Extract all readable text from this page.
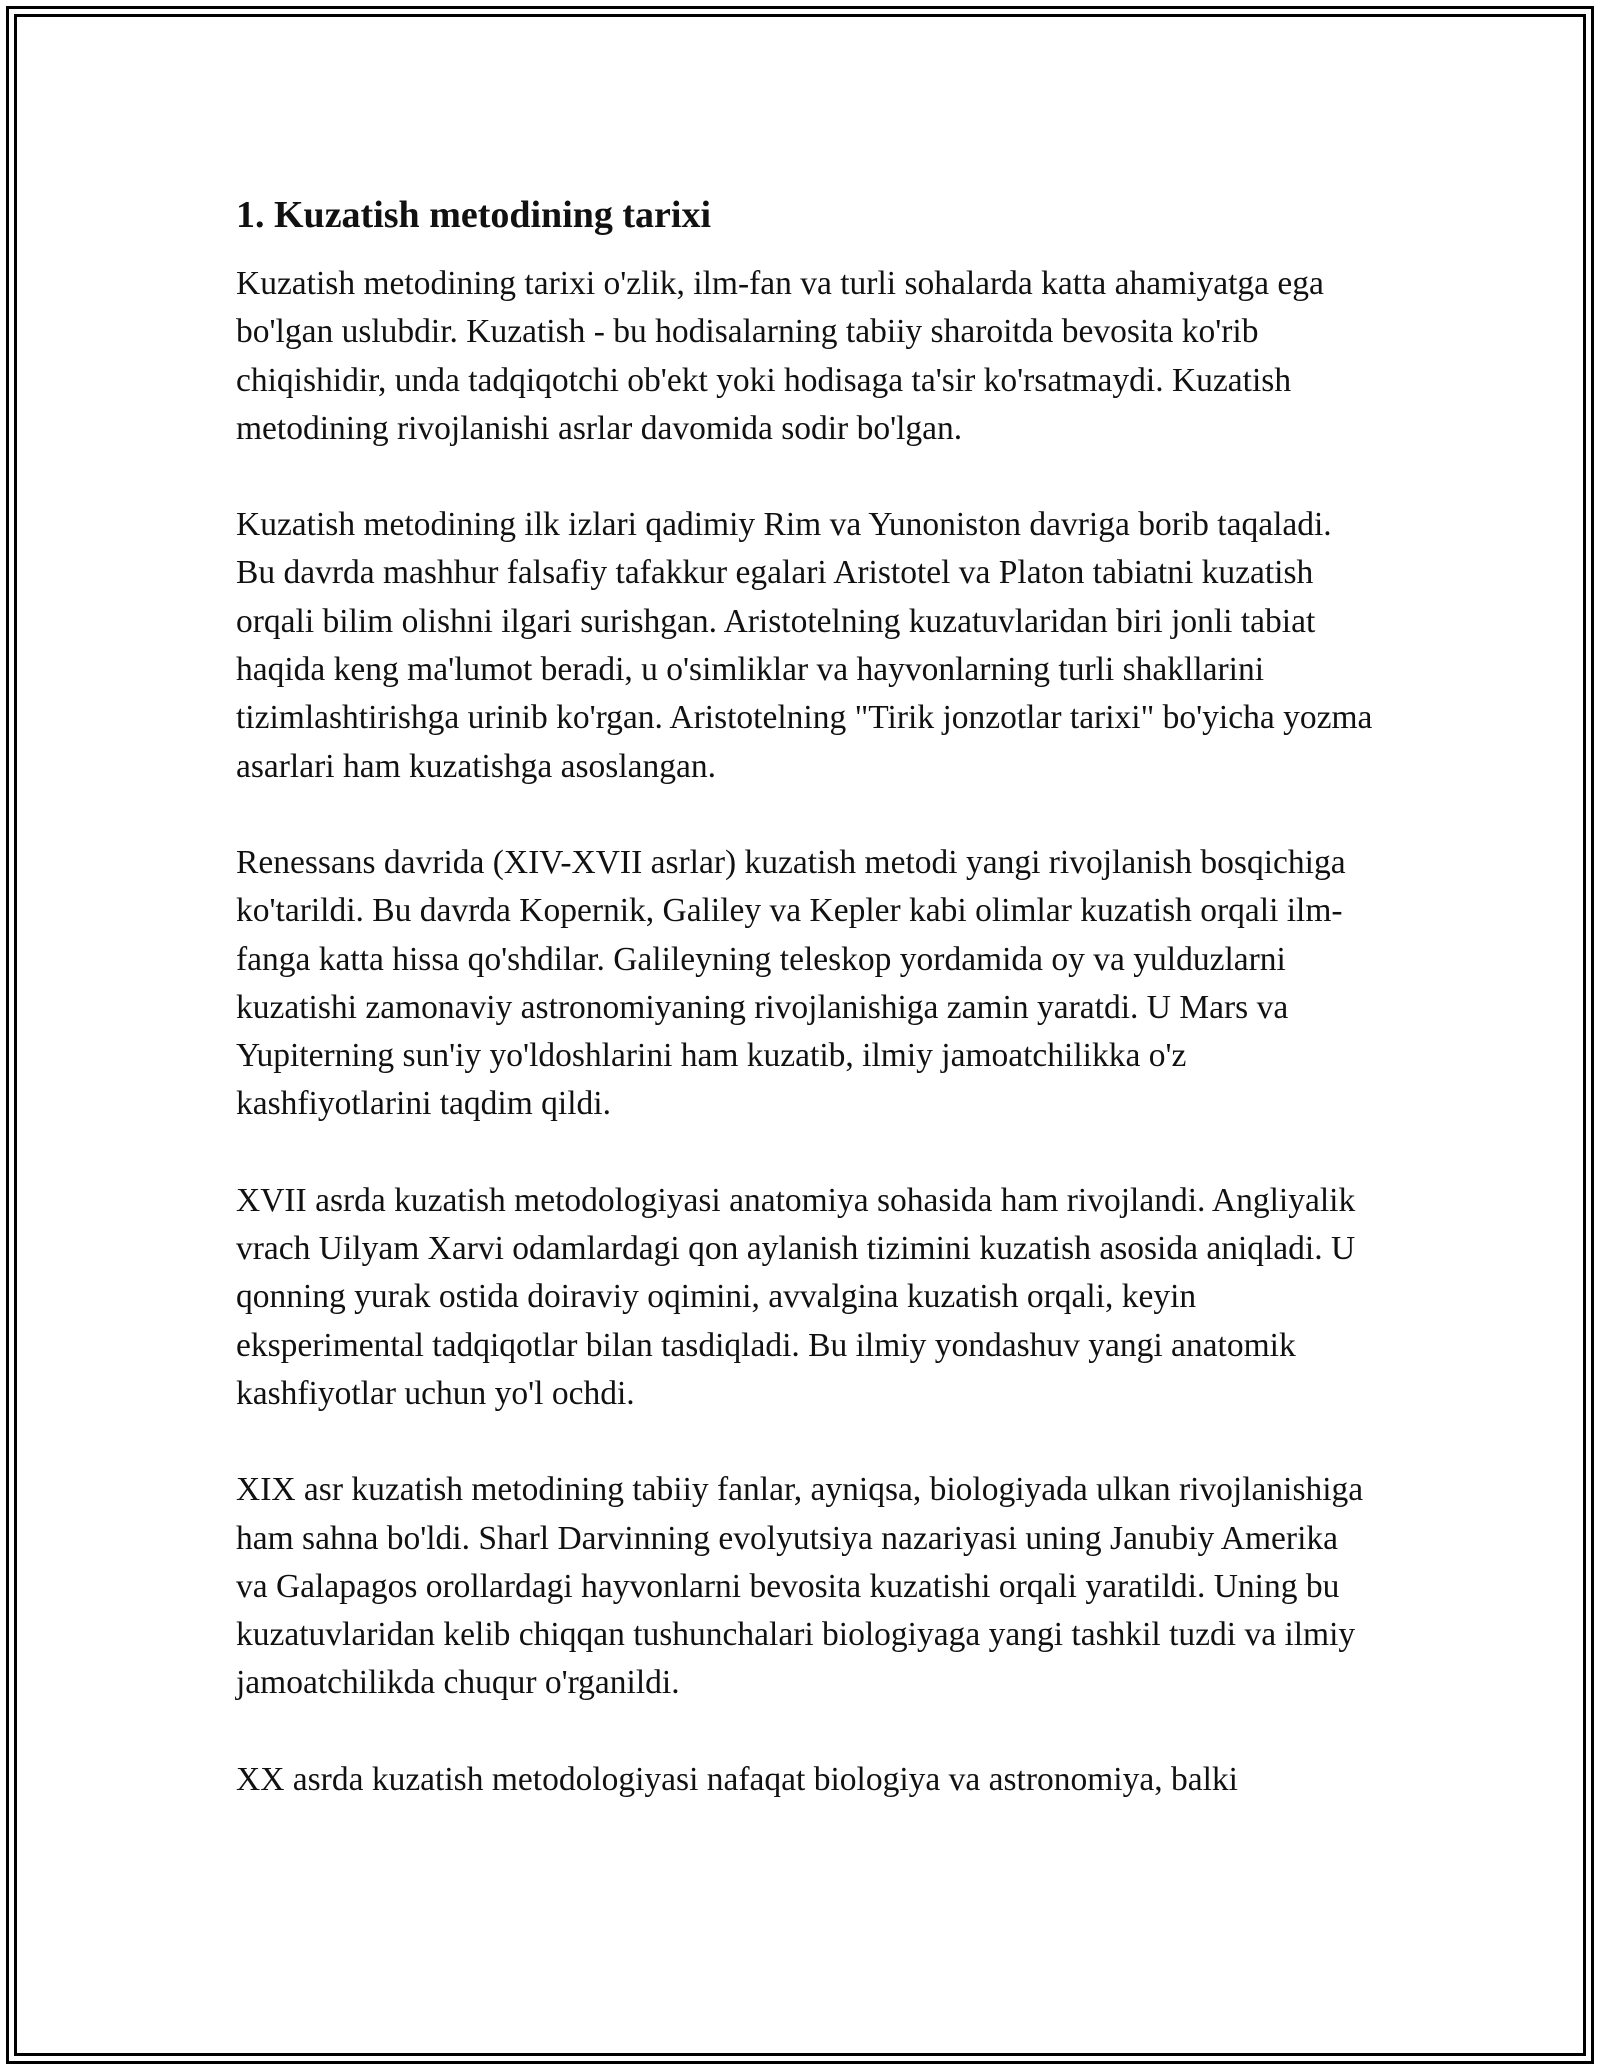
1. Kuzatish metodining tarixi

Kuzatish metodining tarixi o'zlik, ilm-fan va turli sohalarda katta ahamiyatga ega bo'lgan uslubdir. Kuzatish - bu hodisalarning tabiiy sharoitda bevosita ko'rib chiqishidir, unda tadqiqotchi ob'ekt yoki hodisaga ta'sir ko'rsatmaydi. Kuzatish metodining rivojlanishi asrlar davomida sodir bo'lgan.

Kuzatish metodining ilk izlari qadimiy Rim va Yunoniston davriga borib taqaladi. Bu davrda mashhur falsafiy tafakkur egalari Aristotel va Platon tabiatni kuzatish orqali bilim olishni ilgari surishgan. Aristotelning kuzatuvlaridan biri jonli tabiat haqida keng ma'lumot beradi, u o'simliklar va hayvonlarning turli shakllarini tizimlashtirishga urinib ko'rgan. Aristotelning "Tirik jonzotlar tarixi" bo'yicha yozma asarlari ham kuzatishga asoslangan.

Renessans davrida (XIV-XVII asrlar) kuzatish metodi yangi rivojlanish bosqichiga ko'tarildi. Bu davrda Kopernik, Galiley va Kepler kabi olimlar kuzatish orqali ilm-fanga katta hissa qo'shdilar. Galileyning teleskop yordamida oy va yulduzlarni kuzatishi zamonaviy astronomiyaning rivojlanishiga zamin yaratdi. U Mars va Yupiterning sun'iy yo'ldoshlarini ham kuzatib, ilmiy jamoatchilikka o'z kashfiyotlarini taqdim qildi.

XVII asrda kuzatish metodologiyasi anatomiya sohasida ham rivojlandi. Angliyalik vrach Uilyam Xarvi odamlardagi qon aylanish tizimini kuzatish asosida aniqladi. U qonning yurak ostida doiraviy oqimini, avvalgina kuzatish orqali, keyin eksperimental tadqiqotlar bilan tasdiqladi. Bu ilmiy yondashuv yangi anatomik kashfiyotlar uchun yo'l ochdi.

XIX asr kuzatish metodining tabiiy fanlar, ayniqsa, biologiyada ulkan rivojlanishiga ham sahna bo'ldi. Sharl Darvinning evolyutsiya nazariyasi uning Janubiy Amerika va Galapagos orollardagi hayvonlarni bevosita kuzatishi orqali yaratildi. Uning bu kuzatuvlaridan kelib chiqqan tushunchalari biologiyaga yangi tashkil tuzdi va ilmiy jamoatchilikda chuqur o'rganildi.

XX asrda kuzatish metodologiyasi nafaqat biologiya va astronomiya, balki
